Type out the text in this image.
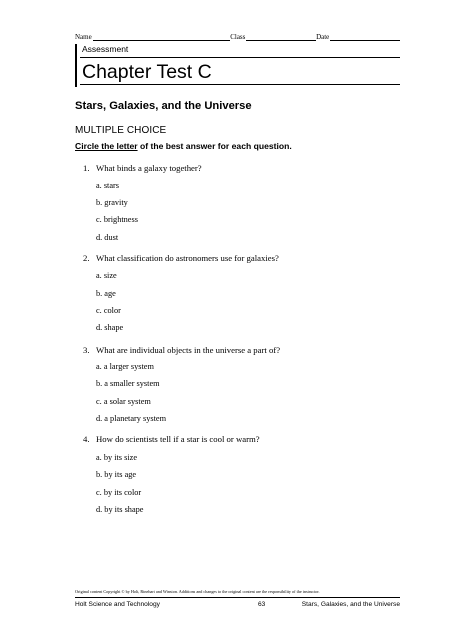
Name	Class	Date
Assessment
Chapter Test C
Stars, Galaxies, and the Universe
MULTIPLE CHOICE
Circle the letter of the best answer for each question.
1. What binds a galaxy together?
a. stars
b. gravity
c. brightness
d. dust
2. What classification do astronomers use for galaxies?
a. size
b. age
c. color
d. shape
3. What are individual objects in the universe a part of?
a. a larger system
b. a smaller system
c. a solar system
d. a planetary system
4. How do scientists tell if a star is cool or warm?
a. by its size
b. by its age
c. by its color
d. by its shape
Original content Copyright © by Holt, Rinehart and Winston. Additions and changes to the original content are the responsibility of the instructor.
Holt Science and Technology	63	Stars, Galaxies, and the Universe
